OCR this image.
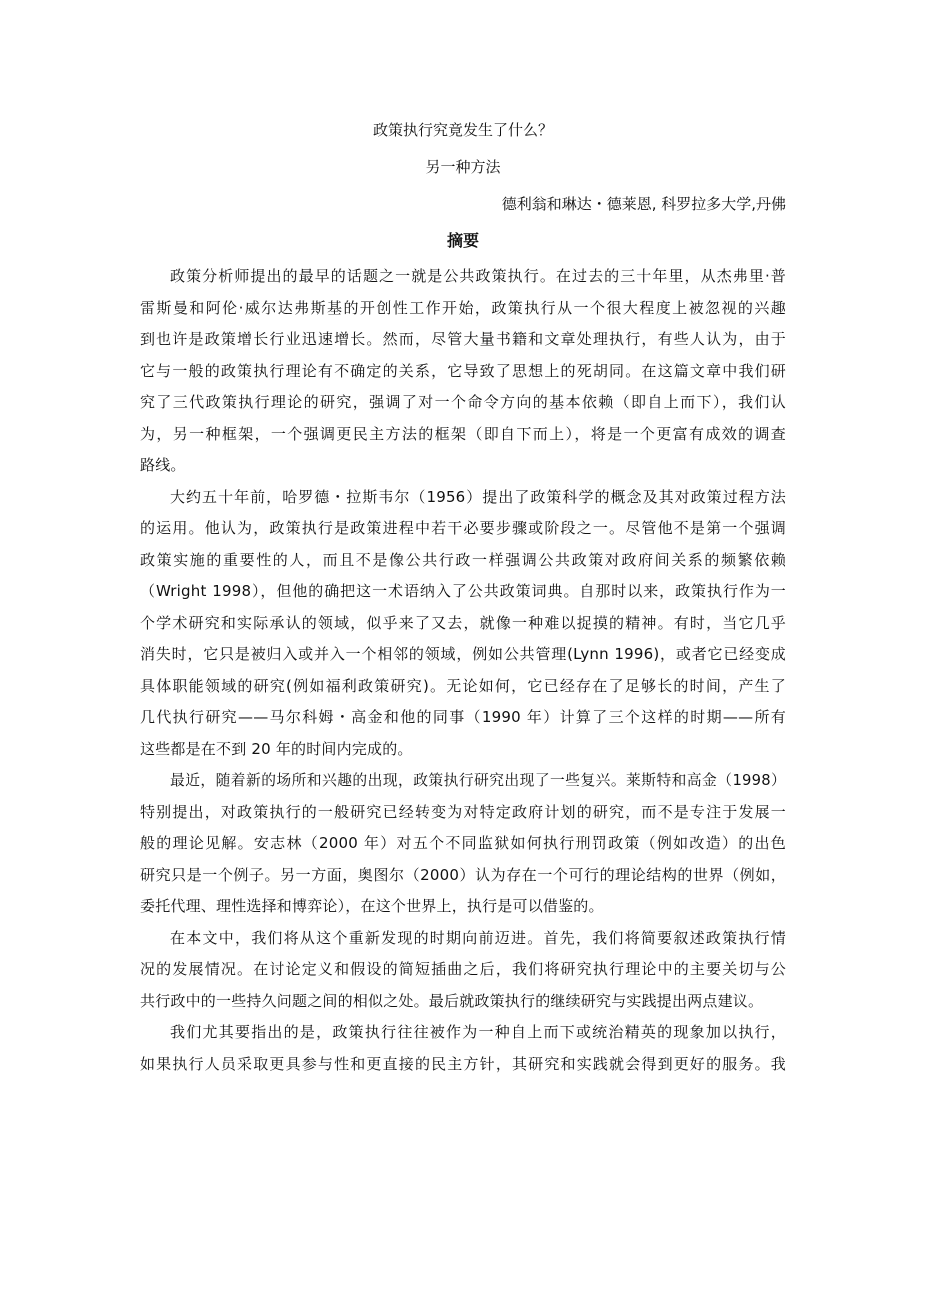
政策执行究竟发生了什么？
另一种方法
德利翁和琳达・德莱恩, 科罗拉多大学,丹佛
摘要
政策分析师提出的最早的话题之一就是公共政策执行。在过去的三十年里，从杰弗里·普
雷斯曼和阿伦·威尔达弗斯基的开创性工作开始，政策执行从一个很大程度上被忽视的兴趣
到也许是政策增长行业迅速增长。然而，尽管大量书籍和文章处理执行，有些人认为，由于
它与一般的政策执行理论有不确定的关系，它导致了思想上的死胡同。在这篇文章中我们研
究了三代政策执行理论的研究，强调了对一个命令方向的基本依赖（即自上而下），我们认
为，另一种框架，一个强调更民主方法的框架（即自下而上），将是一个更富有成效的调查
路线。
大约五十年前，哈罗德・拉斯韦尔（1956）提出了政策科学的概念及其对政策过程方法
的运用。他认为，政策执行是政策进程中若干必要步骤或阶段之一。尽管他不是第一个强调
政策实施的重要性的人，而且不是像公共行政一样强调公共政策对政府间关系的频繁依赖
（Wright 1998），但他的确把这一术语纳入了公共政策词典。自那时以来，政策执行作为一
个学术研究和实际承认的领域，似乎来了又去，就像一种难以捉摸的精神。有时，当它几乎
消失时，它只是被归入或并入一个相邻的领域，例如公共管理(Lynn 1996)，或者它已经变成
具体职能领域的研究(例如福利政策研究)。无论如何，它已经存在了足够长的时间，产生了
几代执行研究——马尔科姆・高金和他的同事（1990 年）计算了三个这样的时期——所有
这些都是在不到 20 年的时间内完成的。
最近，随着新的场所和兴趣的出现，政策执行研究出现了一些复兴。莱斯特和高金（1998）
特别提出，对政策执行的一般研究已经转变为对特定政府计划的研究，而不是专注于发展一
般的理论见解。安志林（2000 年）对五个不同监狱如何执行刑罚政策（例如改造）的出色
研究只是一个例子。另一方面，奥图尔（2000）认为存在一个可行的理论结构的世界（例如，
委托代理、理性选择和博弈论），在这个世界上，执行是可以借鉴的。
在本文中，我们将从这个重新发现的时期向前迈进。首先，我们将简要叙述政策执行情
况的发展情况。在讨论定义和假设的简短插曲之后，我们将研究执行理论中的主要关切与公
共行政中的一些持久问题之间的相似之处。最后就政策执行的继续研究与实践提出两点建议。
我们尤其要指出的是，政策执行往往被作为一种自上而下或统治精英的现象加以执行，
如果执行人员采取更具参与性和更直接的民主方针，其研究和实践就会得到更好的服务。我
